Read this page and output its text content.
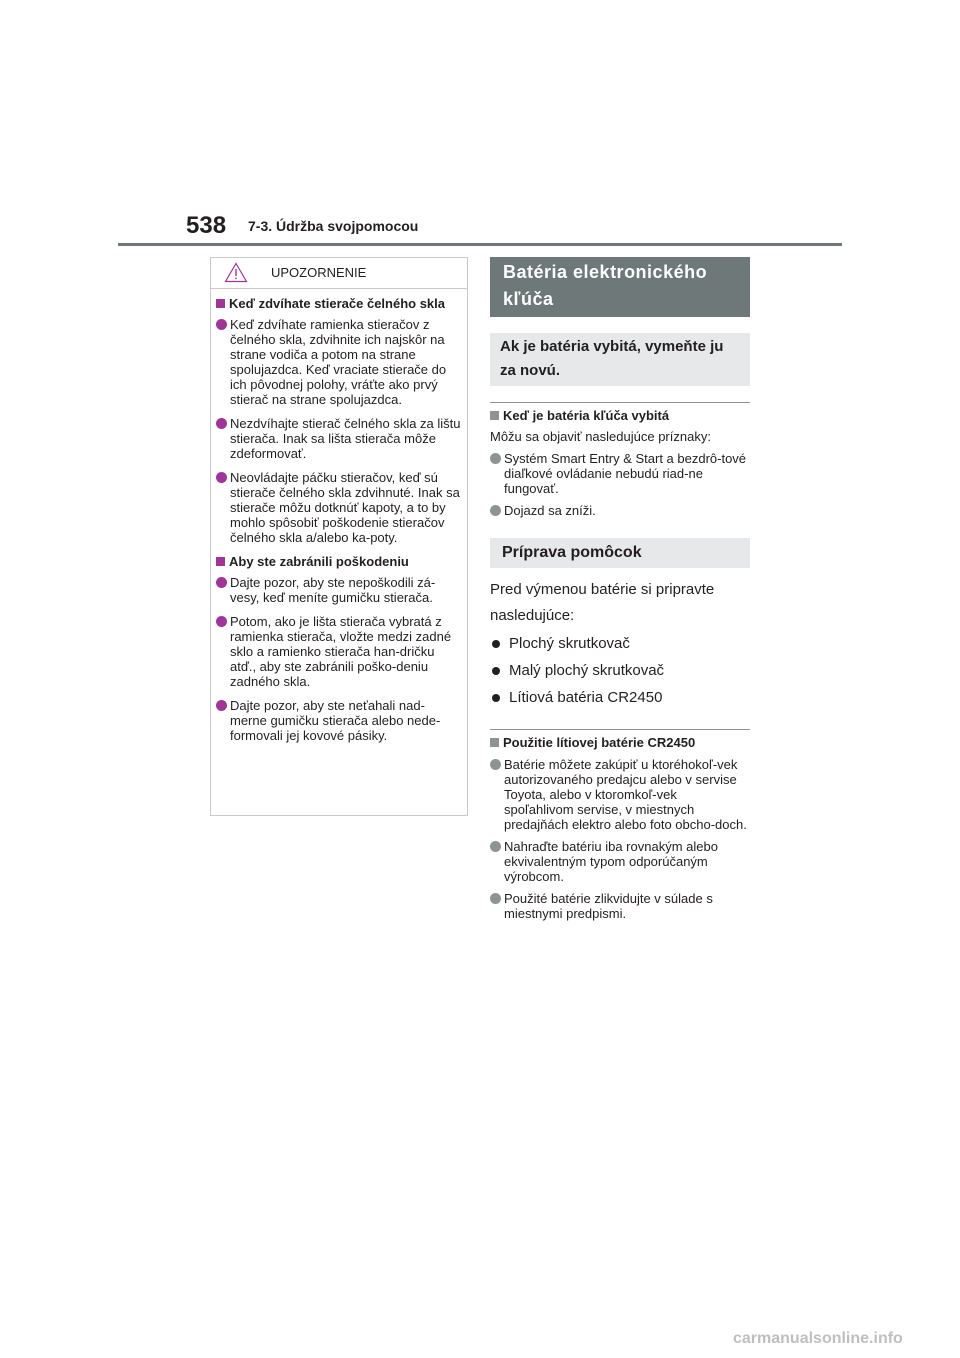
538 7-3. Údržba svojpomocou
UPOZORNENIE
Keď zdvíhate stierače čelného skla
Keď zdvíhate ramienka stieračov z čelného skla, zdvihnite ich najskôr na strane vodiča a potom na strane spolujazdca. Keď vraciate stierače do ich pôvodnej polohy, vráťte ako prvý stierač na strane spolujazdca.
Nezdvíhajte stierač čelného skla za lištu stierača. Inak sa lišta stierača môže zdeformovať.
Neovládajte páčku stieračov, keď sú stierače čelného skla zdvihnuté. Inak sa stierače môžu dotknúť kapoty, a to by mohlo spôsobiť poškodenie stieračov čelného skla a/alebo ka-poty.
Aby ste zabránili poškodeniu
Dajte pozor, aby ste nepoškodili zá-vesy, keď meníte gumičku stierača.
Potom, ako je lišta stierača vybratá z ramienka stierača, vložte medzi zadné sklo a ramienko stierača han-dričku atď., aby ste zabránili poško-deniu zadného skla.
Dajte pozor, aby ste neťahali nad-merne gumičku stierača alebo nede-formovali jej kovové pásiky.
Batéria elektronického kľúča
Ak je batéria vybitá, vymeňte ju za novú.
Keď je batéria kľúča vybitá
Môžu sa objaviť nasledujúce príznaky:
Systém Smart Entry & Start a bezdrô-tové diaľkové ovládanie nebudú riad-ne fungovať.
Dojazd sa zníži.
Príprava pomôcok
Pred výmenou batérie si pripravte nasledujúce:
Plochý skrutkovač
Malý plochý skrutkovač
Lítiová batéria CR2450
Použitie lítiovej batérie CR2450
Batérie môžete zakúpiť u ktoréhokoľ-vek autorizovaného predajcu alebo v servise Toyota, alebo v ktoromkoľ-vek spoľahlivom servise, v miestnych predajňách elektro alebo foto obcho-doch.
Nahraďte batériu iba rovnakým alebo ekvivalentným typom odporúčaným výrobcom.
Použité batérie zlikvidujte v súlade s miestnymi predpismi.
carmanualsonline.info
